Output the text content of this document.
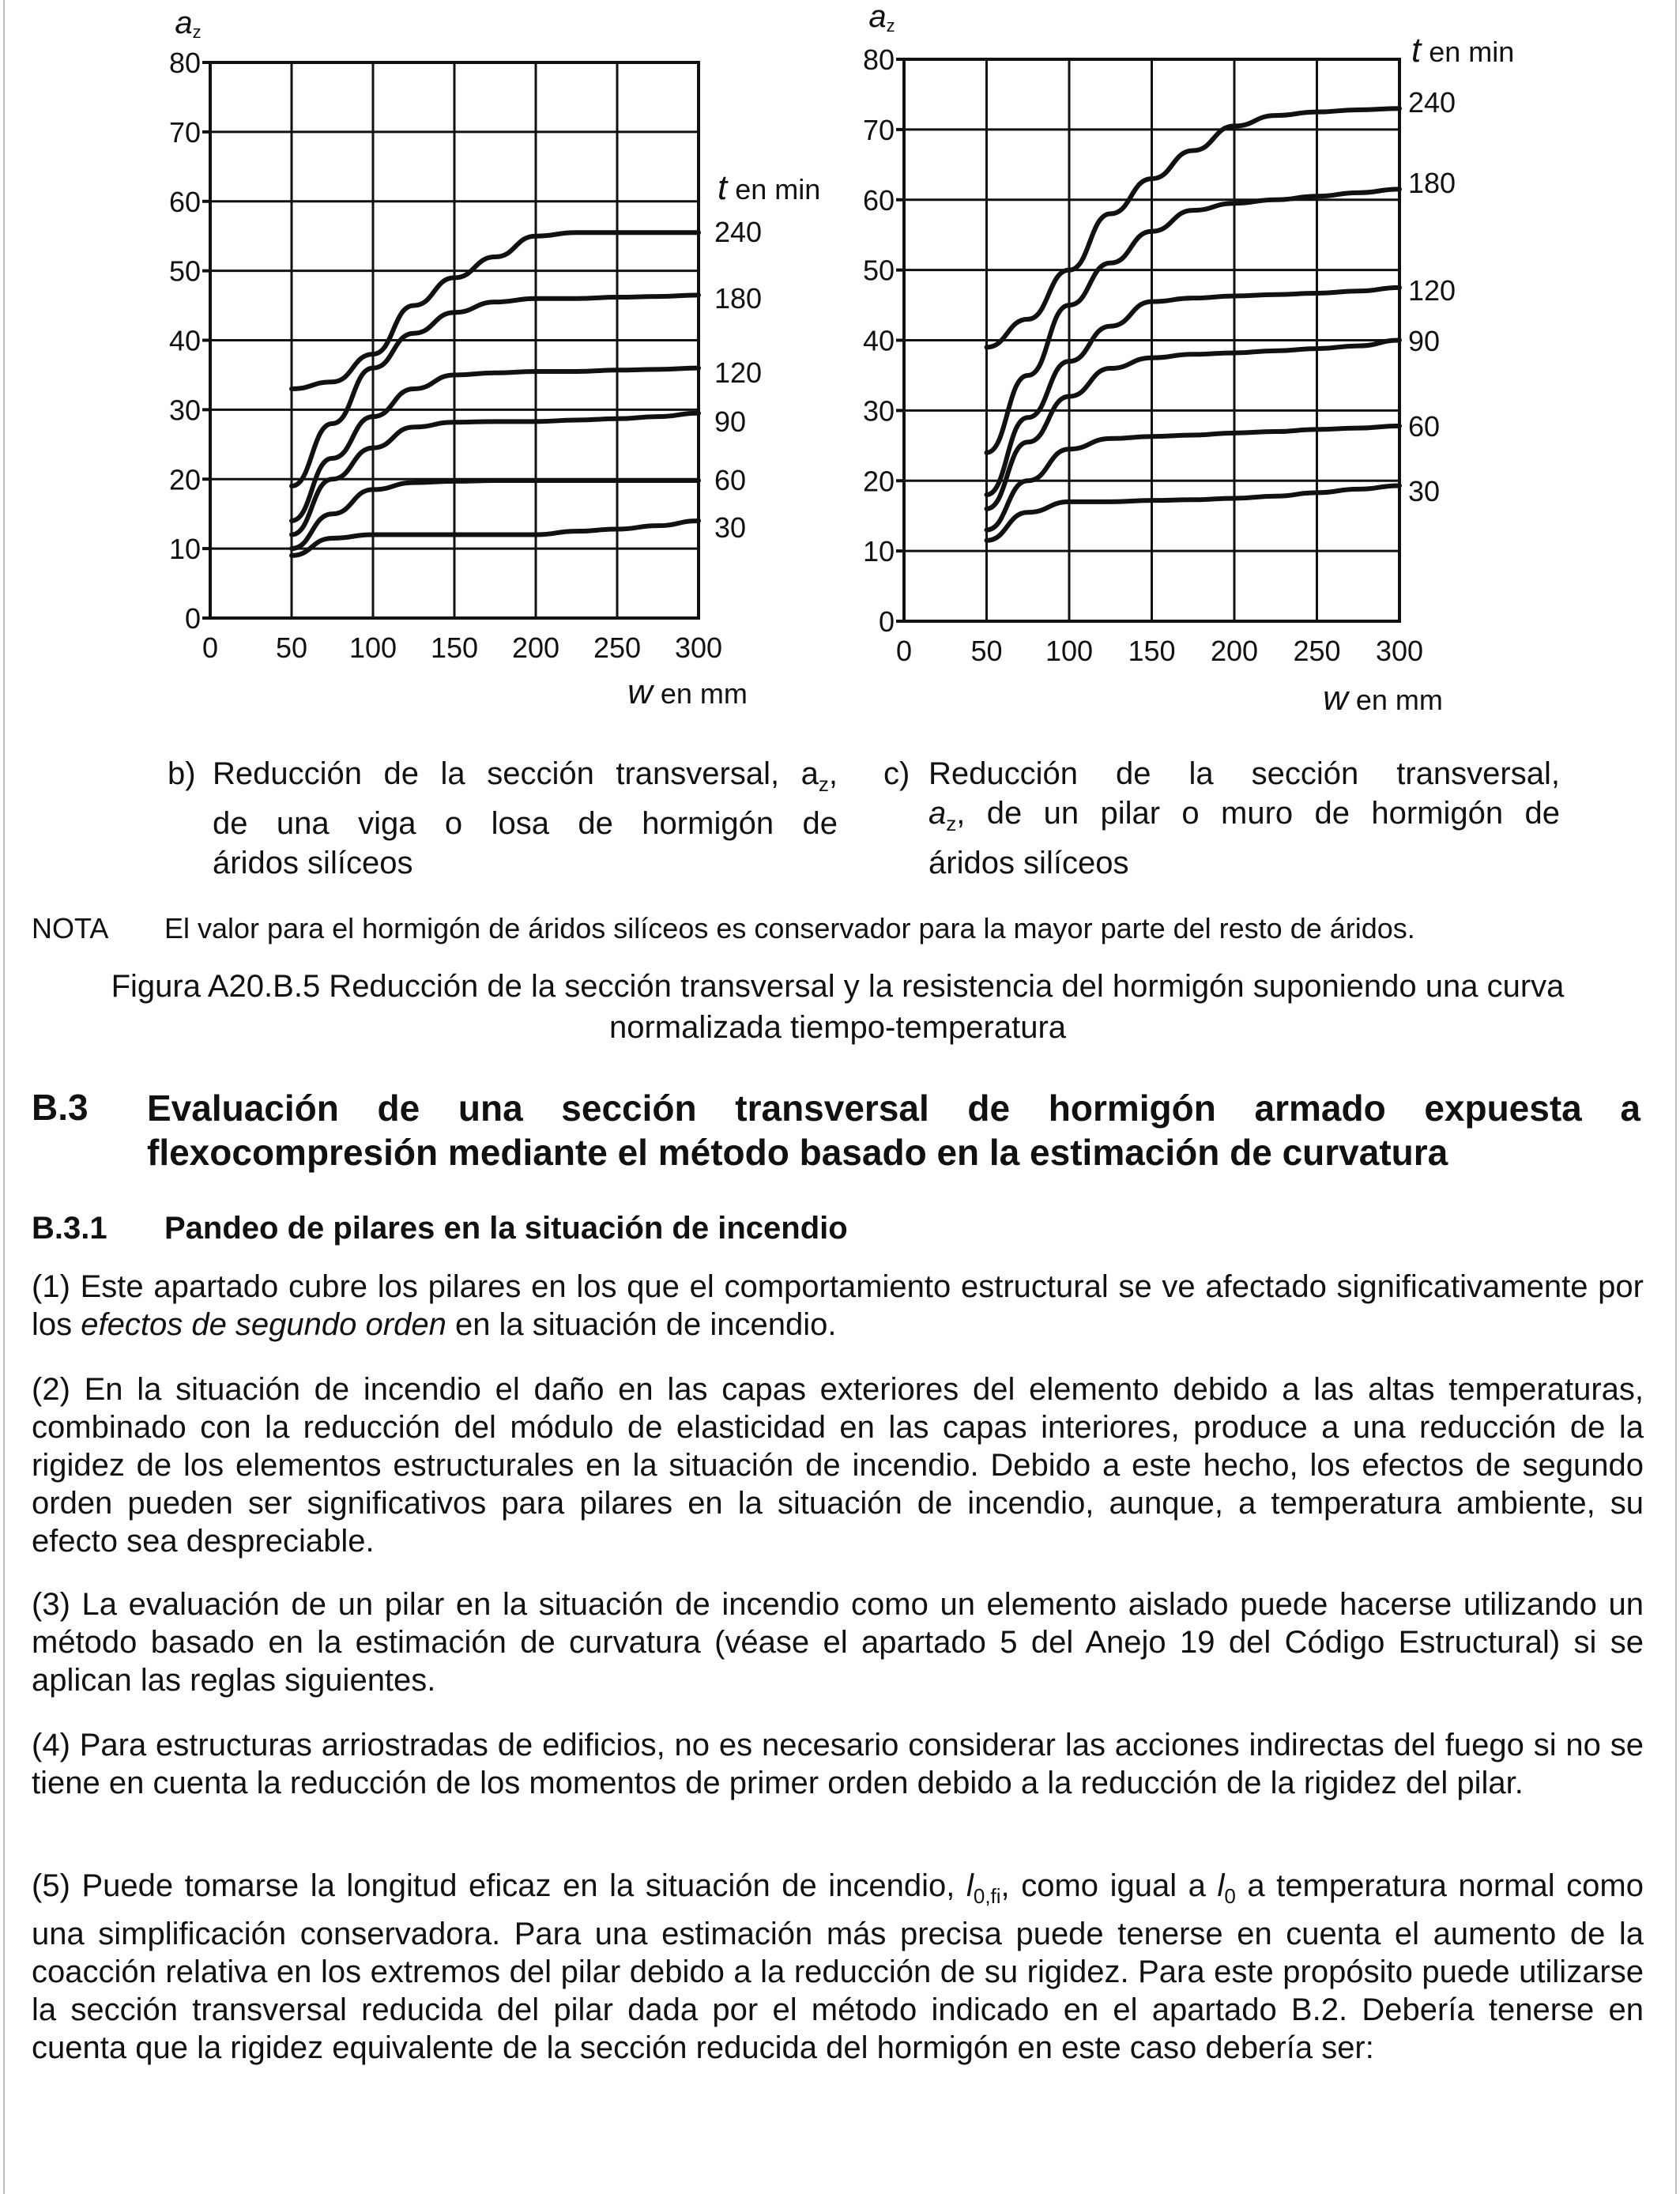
0 50 100 150 200 250 300
0
10
20
30
40
50
60
70
80
az
w en mm
t en min
240
180
120
90
60
30
0 50 100 150 200 250 300
0
10
20
30
40
50
60
70
80
az
w en mm
t en min
240
180
120
90
60
30
b) Reducción de la sección transversal, $a_z$,
de una viga o losa de hormigón de
áridos silíceos
c) Reducción de la sección transversal,
$a_z$, de un pilar o muro de hormigón de
áridos silíceos
NOTA El valor para el hormigón de áridos silíceos es conservador para la mayor parte del resto de áridos.
Figura A20.B.5 Reducción de la sección transversal y la resistencia del hormigón suponiendo una curva normalizada tiempo-temperatura
B.3 Evaluación de una sección transversal de hormigón armado expuesta a flexocompresión mediante el método basado en la estimación de curvatura
B.3.1 Pandeo de pilares en la situación de incendio
(1) Este apartado cubre los pilares en los que el comportamiento estructural se ve afectado significativamente por los efectos de segundo orden en la situación de incendio.
(2) En la situación de incendio el daño en las capas exteriores del elemento debido a las altas temperaturas, combinado con la reducción del módulo de elasticidad en las capas interiores, produce a una reducción de la rigidez de los elementos estructurales en la situación de incendio. Debido a este hecho, los efectos de segundo orden pueden ser significativos para pilares en la situación de incendio, aunque, a temperatura ambiente, su efecto sea despreciable.
(3) La evaluación de un pilar en la situación de incendio como un elemento aislado puede hacerse utilizando un método basado en la estimación de curvatura (véase el apartado 5 del Anejo 19 del Código Estructural) si se aplican las reglas siguientes.
(4) Para estructuras arriostradas de edificios, no es necesario considerar las acciones indirectas del fuego si no se tiene en cuenta la reducción de los momentos de primer orden debido a la reducción de la rigidez del pilar.
(5) Puede tomarse la longitud eficaz en la situación de incendio, $l_{0,fi}$, como igual a $l_0$ a temperatura normal como una simplificación conservadora. Para una estimación más precisa puede tenerse en cuenta el aumento de la coacción relativa en los extremos del pilar debido a la reducción de su rigidez. Para este propósito puede utilizarse la sección transversal reducida del pilar dada por el método indicado en el apartado B.2. Debería tenerse en cuenta que la rigidez equivalente de la sección reducida del hormigón en este caso debería ser:
